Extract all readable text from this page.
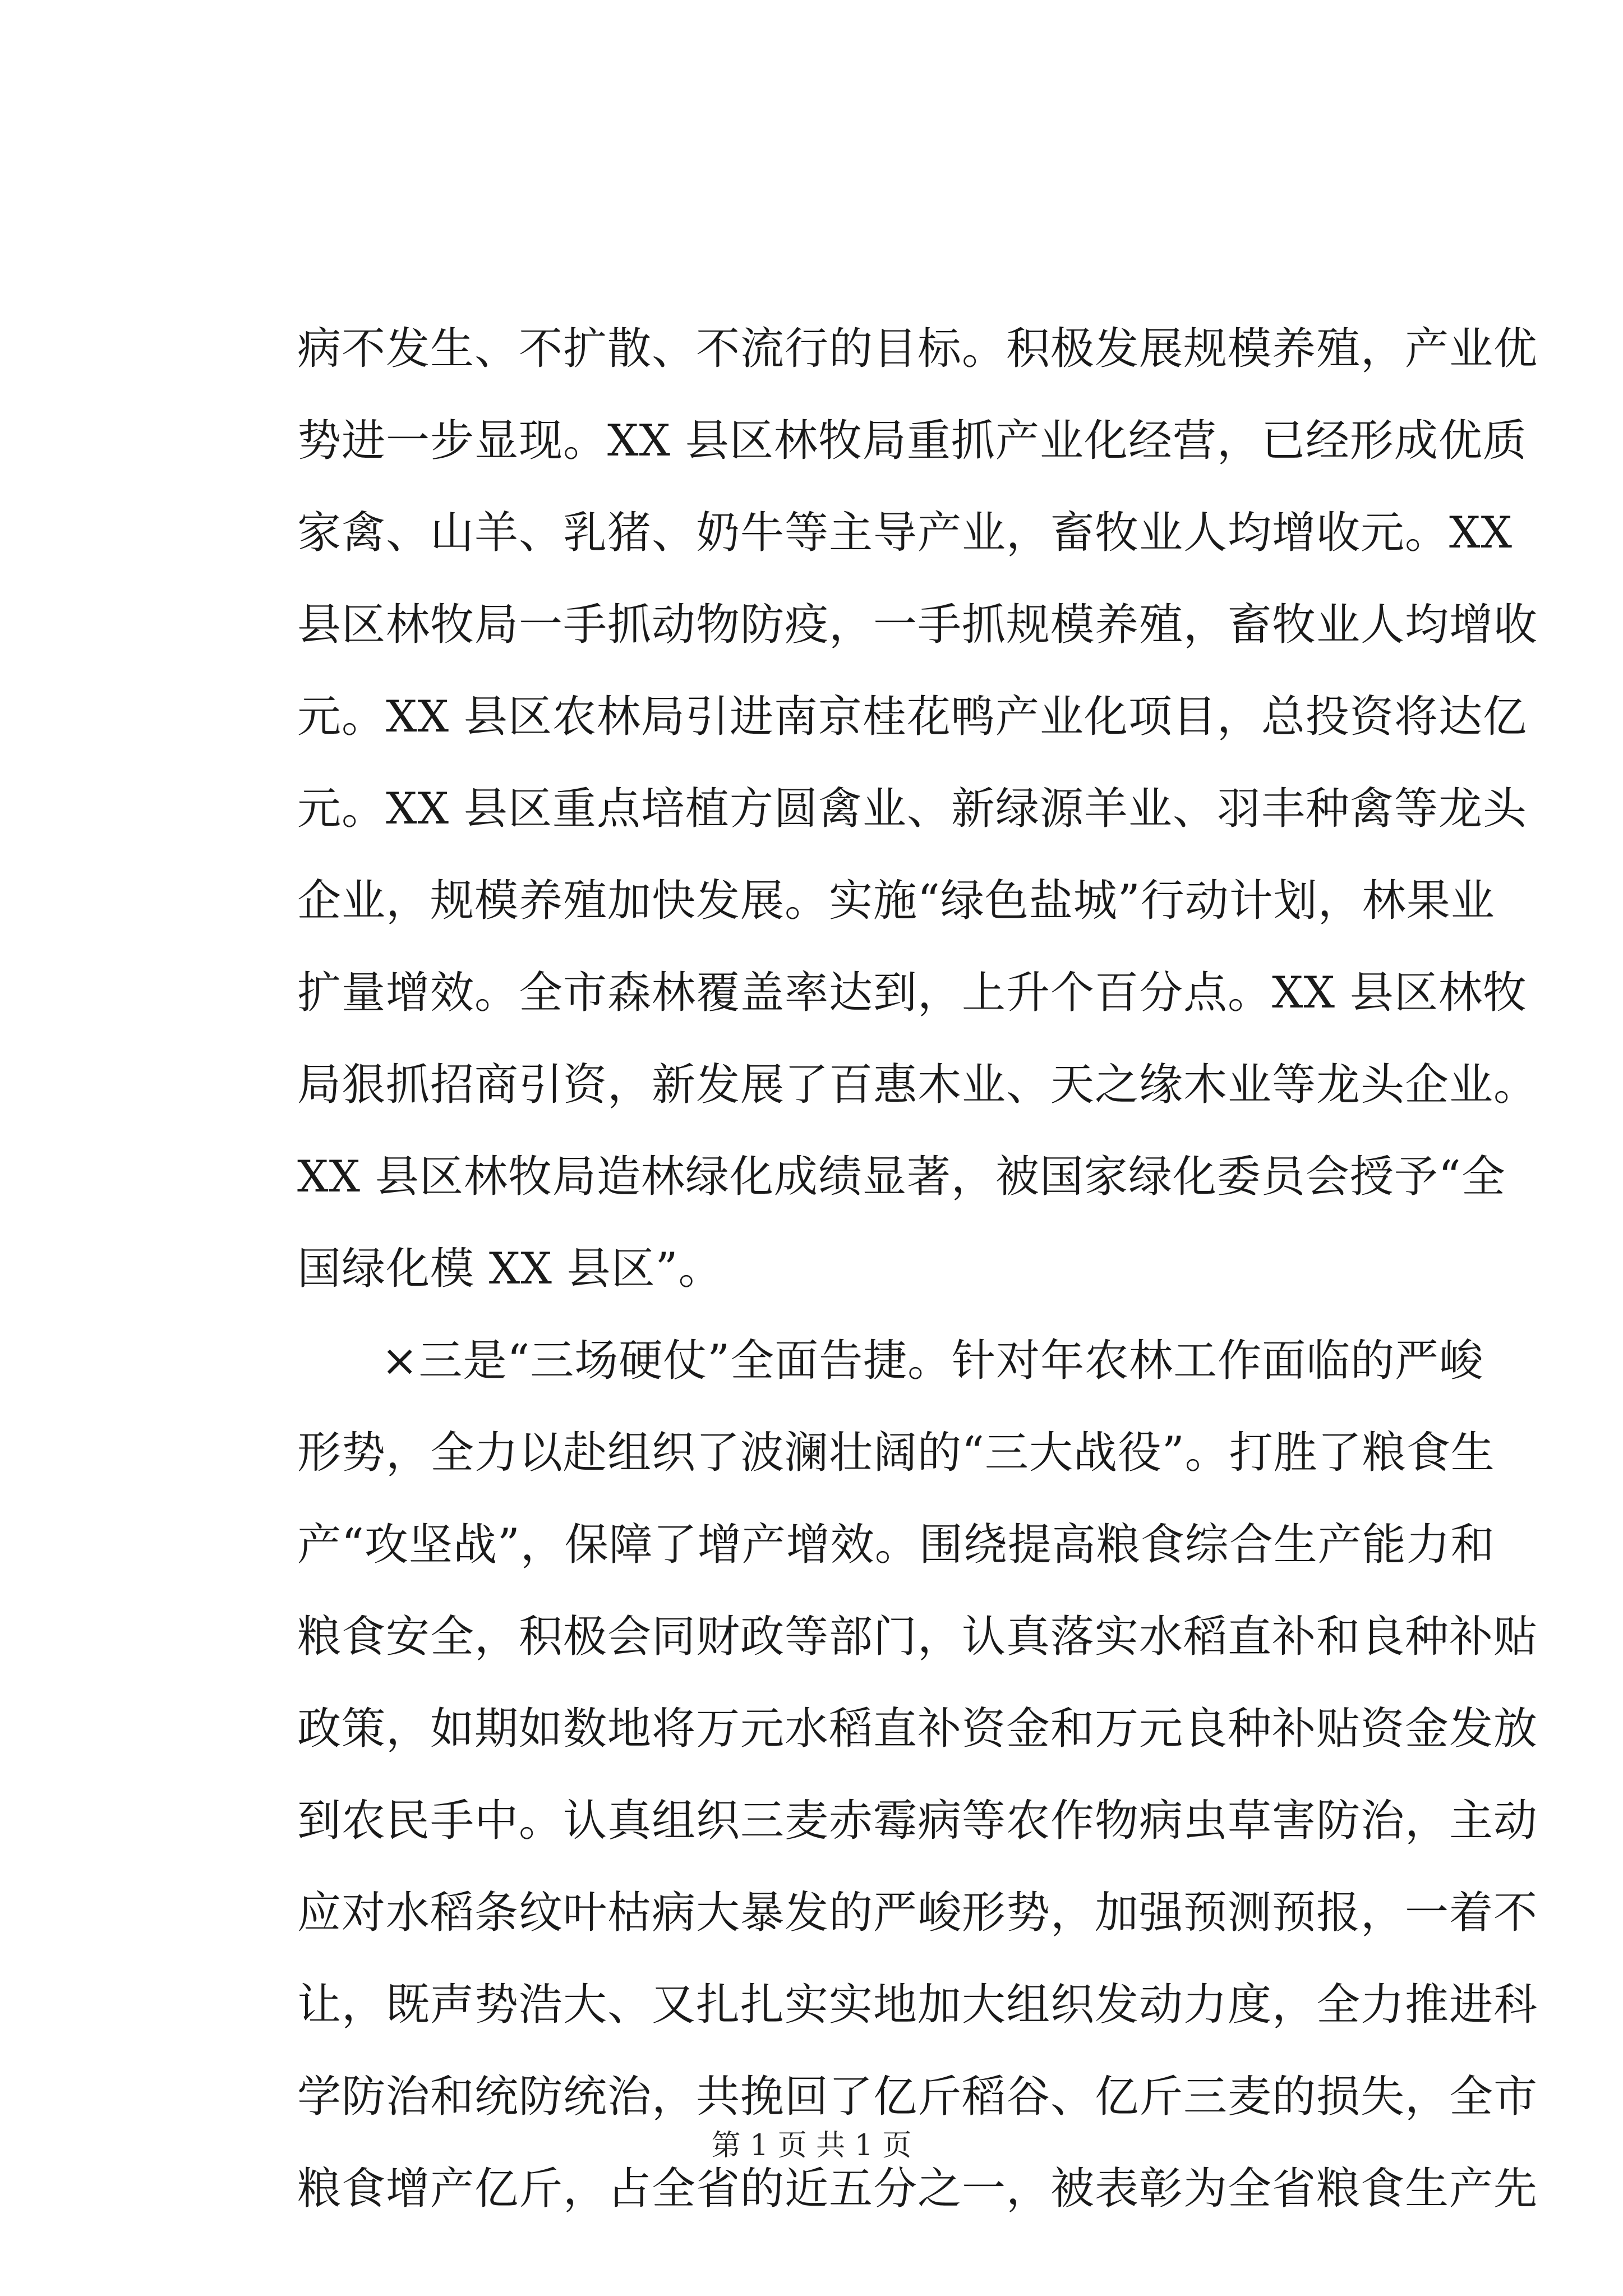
病不发生、不扩散、不流行的目标。积极发展规模养殖，产业优
势进一步显现。XX 县区林牧局重抓产业化经营，已经形成优质
家禽、山羊、乳猪、奶牛等主导产业，畜牧业人均增收元。XX
县区林牧局一手抓动物防疫，一手抓规模养殖，畜牧业人均增收
元。XX 县区农林局引进南京桂花鸭产业化项目，总投资将达亿
元。XX 县区重点培植方圆禽业、新绿源羊业、羽丰种禽等龙头
企业，规模养殖加快发展。实施“绿色盐城”行动计划，林果业
扩量增效。全市森林覆盖率达到，上升个百分点。XX 县区林牧
局狠抓招商引资，新发展了百惠木业、天之缘木业等龙头企业。
XX 县区林牧局造林绿化成绩显著，被国家绿化委员会授予“全
国绿化模 XX 县区”。
×三是“三场硬仗”全面告捷。针对年农林工作面临的严峻
形势，全力以赴组织了波澜壮阔的“三大战役”。打胜了粮食生
产“攻坚战”，保障了增产增效。围绕提高粮食综合生产能力和
粮食安全，积极会同财政等部门，认真落实水稻直补和良种补贴
政策，如期如数地将万元水稻直补资金和万元良种补贴资金发放
到农民手中。认真组织三麦赤霉病等农作物病虫草害防治，主动
应对水稻条纹叶枯病大暴发的严峻形势，加强预测预报，一着不
让，既声势浩大、又扎扎实实地加大组织发动力度，全力推进科
学防治和统防统治，共挽回了亿斤稻谷、亿斤三麦的损失，全市
粮食增产亿斤，占全省的近五分之一，被表彰为全省粮食生产先
第 1 页 共 1 页
